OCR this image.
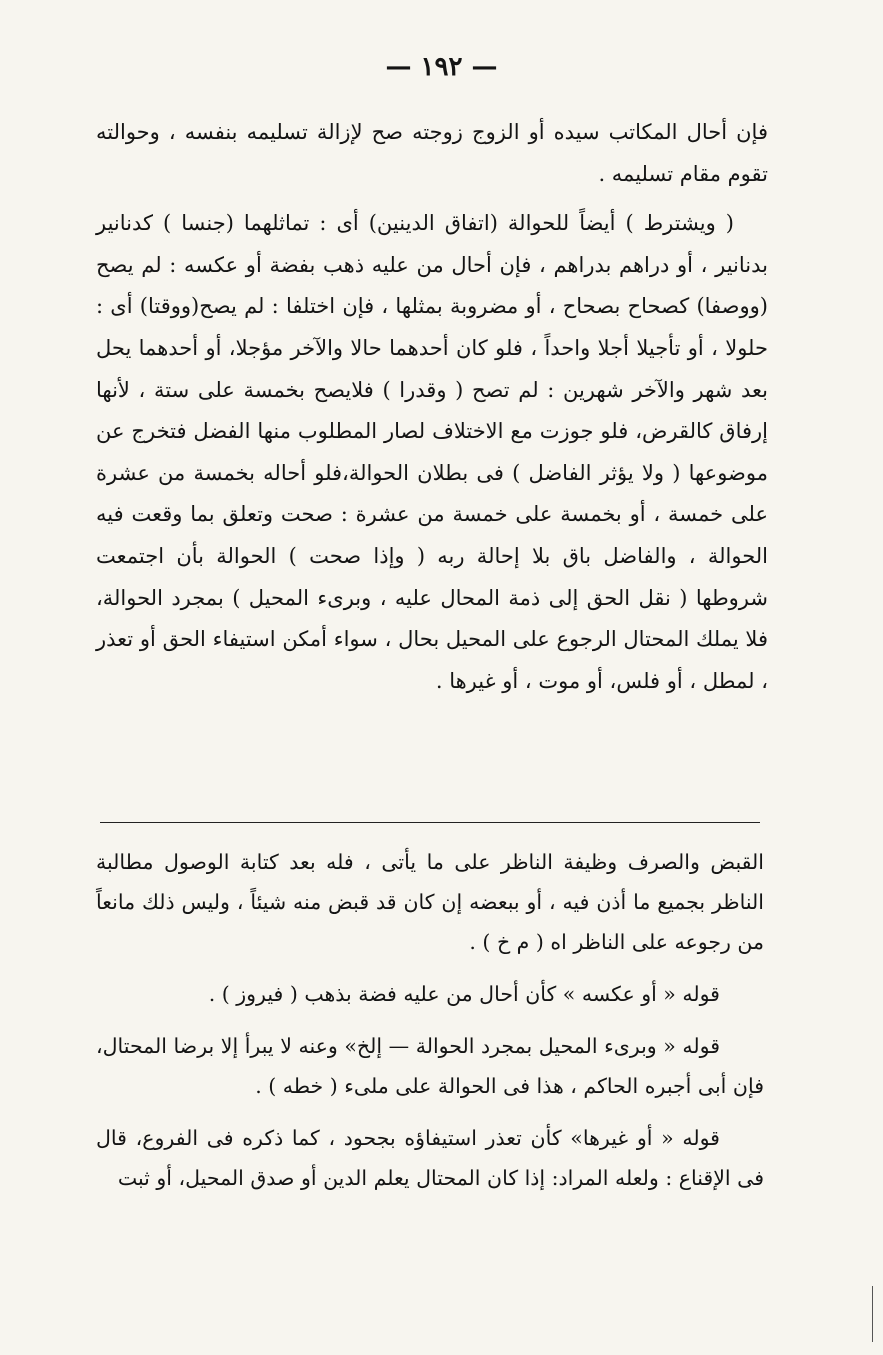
— ١٩٢ —

فإن أحال المكاتب سيده أو الزوج زوجته صح لإزالة تسليمه بنفسه ، وحوالته تقوم مقام تسليمه .

( ويشترط ) أيضاً للحوالة (اتفاق الدينين) أى : تماثلهما (جنسا ) كدنانير بدنانير ، أو دراهم بدراهم ، فإن أحال من عليه ذهب بفضة أو عكسه : لم يصح (ووصفا) كصحاح بصحاح ، أو مضروبة بمثلها ، فإن اختلفا : لم يصح(ووقتا) أى : حلولا ، أو تأجيلا أجلا واحداً ، فلو كان أحدهما حالا والآخر مؤجلا، أو أحدهما يحل بعد شهر والآخر شهرين : لم تصح ( وقدرا ) فلايصح بخمسة على ستة ، لأنها إرفاق كالقرض، فلو جوزت مع الاختلاف لصار المطلوب منها الفضل فتخرج عن موضوعها ( ولا يؤثر الفاضل ) فى بطلان الحوالة،فلو أحاله بخمسة من عشرة على خمسة ، أو بخمسة على خمسة من عشرة : صحت وتعلق بما وقعت فيه الحوالة ، والفاضل باق بلا إحالة ربه ( وإذا صحت ) الحوالة بأن اجتمعت شروطها ( نقل الحق إلى ذمة المحال عليه ، وبرىء المحيل ) بمجرد الحوالة، فلا يملك المحتال الرجوع على المحيل بحال ، سواء أمكن استيفاء الحق أو تعذر ، لمطل ، أو فلس، أو موت ، أو غيرها .

القبض والصرف وظيفة الناظر على ما يأتى ، فله بعد كتابة الوصول مطالبة الناظر بجميع ما أذن فيه ، أو ببعضه إن كان قد قبض منه شيئاً ، وليس ذلك مانعاً من رجوعه على الناظر اه ( م خ ) .

قوله « أو عكسه » كأن أحال من عليه فضة بذهب ( فيروز ) .

قوله « وبرىء المحيل بمجرد الحوالة — إلخ» وعنه لا يبرأ إلا برضا المحتال، فإن أبى أجبره الحاكم ، هذا فى الحوالة على ملىء ( خطه ) .

قوله « أو غيرها» كأن تعذر استيفاؤه بجحود ، كما ذكره فى الفروع، قال فى الإقناع : ولعله المراد: إذا كان المحتال يعلم الدين أو صدق المحيل، أو ثبت
